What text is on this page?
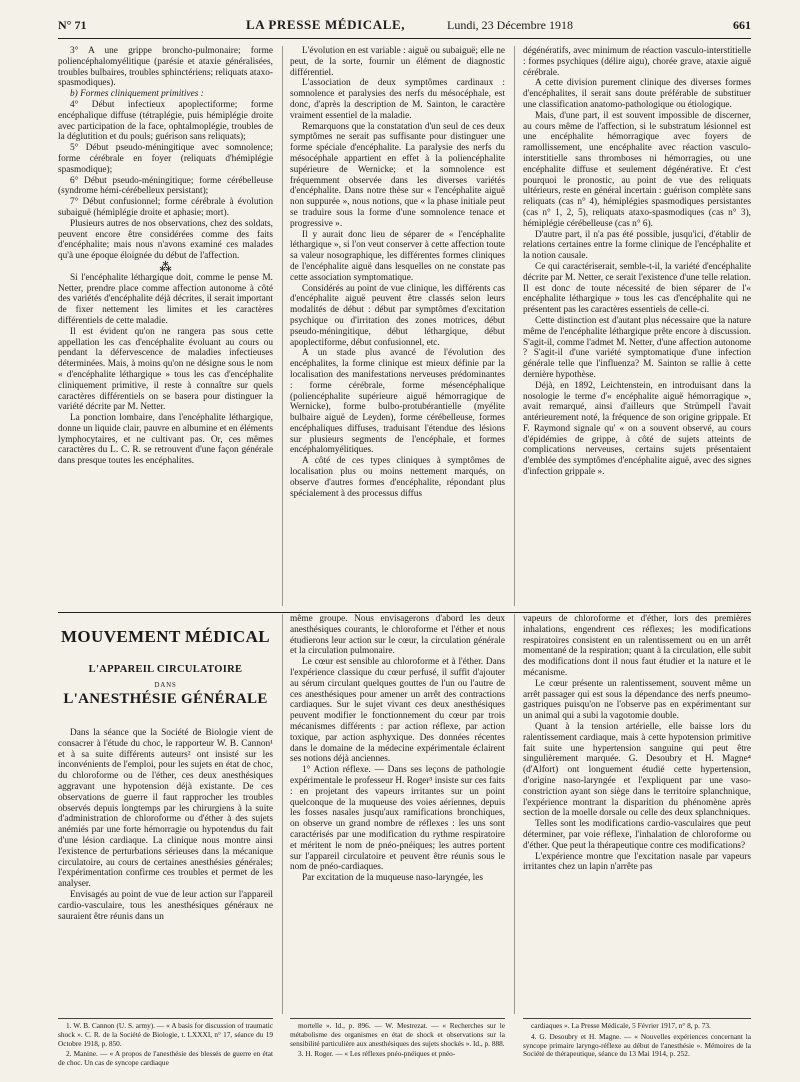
N° 71	LA PRESSE MÉDICALE,	Lundi, 23 Décembre 1918	661

3° A une grippe broncho-pulmonaire; forme poliencéphalomyélitique (parésie et ataxie généralisées, troubles bulbaires, troubles sphinctériens; reliquats ataxo-spasmodiques).

b) Formes cliniquement primitives :

4° Début infectieux apoplectiforme; forme encéphalique diffuse (tétraplégie, puis hémiplégie droite avec participation de la face, ophtalmoplégie, troubles de la déglutition et du pouls; guérison sans reliquats);

5° Début pseudo-méningitique avec somnolence; forme cérébrale en foyer (reliquats d'hémiplégie spasmodique);

6° Début pseudo-méningitique; forme cérébelleuse (syndrome hémi-cérébelleux persistant);

7° Début confusionnel; forme cérébrale à évolution subaiguë (hémiplégie droite et aphasie; mort).

Plusieurs autres de nos observations, chez des soldats, peuvent encore être considérées comme des faits d'encéphalite; mais nous n'avons examiné ces malades qu'à une époque éloignée du début de l'affection.

⁂

Si l'encéphalite léthargique doit, comme le pense M. Netter, prendre place comme affection autonome à côté des variétés d'encéphalite déjà décrites, il serait important de fixer nettement les limites et les caractères différentiels de cette maladie.

Il est évident qu'on ne rangera pas sous cette appellation les cas d'encéphalite évoluant au cours ou pendant la défervescence de maladies infectieuses déterminées. Mais, à moins qu'on ne désigne sous le nom « d'encéphalite léthargique » tous les cas d'encéphalite cliniquement primitive, il reste à connaître sur quels caractères différentiels on se basera pour distinguer la variété décrite par M. Netter.

La ponction lombaire, dans l'encéphalite léthargique, donne un liquide clair, pauvre en albumine et en éléments lymphocytaires, et ne cultivant pas. Or, ces mêmes caractères du L. C. R. se retrouvent d'une façon générale dans presque toutes les encéphalites.

L'évolution en est variable : aiguë ou subaiguë; elle ne peut, de la sorte, fournir un élément de diagnostic différentiel.

L'association de deux symptômes cardinaux : somnolence et paralysies des nerfs du mésocéphale, est donc, d'après la description de M. Sainton, le caractère vraiment essentiel de la maladie.

Remarquons que la constatation d'un seul de ces deux symptômes ne serait pas suffisante pour distinguer une forme spéciale d'encéphalite. La paralysie des nerfs du mésocéphale appartient en effet à la poliencéphalite supérieure de Wernicke; et la somnolence est fréquemment observée dans les diverses variétés d'encéphalite. Dans notre thèse sur « l'encéphalite aiguë non suppurée », nous notions, que « la phase initiale peut se traduire sous la forme d'une somnolence tenace et progressive ».

Il y aurait donc lieu de séparer de « l'encéphalite léthargique », si l'on veut conserver à cette affection toute sa valeur nosographique, les différentes formes cliniques de l'encéphalite aiguë dans lesquelles on ne constate pas cette association symptomatique.

Considérés au point de vue clinique, les différents cas d'encéphalite aiguë peuvent être classés selon leurs modalités de début : début par symptômes d'excitation psychique ou d'irritation des zones motrices, début pseudo-méningitique, début léthargique, début apoplectiforme, début confusionnel, etc.

A un stade plus avancé de l'évolution des encéphalites, la forme clinique est mieux définie par la localisation des manifestations nerveuses prédominantes : forme cérébrale, forme mésencéphalique (poliencéphalite supérieure aiguë hémorragique de Wernicke), forme bulbo-protubérantielle (myélite bulbaire aiguë de Leyden), forme cérébelleuse, formes encéphaliques diffuses, traduisant l'étendue des lésions sur plusieurs segments de l'encéphale, et formes encéphalomyélitiques.

A côté de ces types cliniques à symptômes de localisation plus ou moins nettement marqués, on observe d'autres formes d'encéphalite, répondant plus spécialement à des processus diffus

dégénératifs, avec minimum de réaction vasculo-interstitielle : formes psychiques (délire aigu), chorée grave, ataxie aiguë cérébrale.

A cette division purement clinique des diverses formes d'encéphalites, il serait sans doute préférable de substituer une classification anatomo-pathologique ou étiologique.

Mais, d'une part, il est souvent impossible de discerner, au cours même de l'affection, si le substratum lésionnel est une encéphalite hémorragique avec foyers de ramollissement, une encéphalite avec réaction vasculo-interstitielle sans thromboses ni hémorragies, ou une encéphalite diffuse et seulement dégénérative. Et c'est pourquoi le pronostic, au point de vue des reliquats ultérieurs, reste en général incertain : guérison complète sans reliquats (cas n° 4), hémiplégies spasmodiques persistantes (cas n° 1, 2, 5), reliquats ataxo-spasmodiques (cas n° 3), hémiplégie cérébelleuse (cas n° 6).

D'autre part, il n'a pas été possible, jusqu'ici, d'établir de relations certaines entre la forme clinique de l'encéphalite et la notion causale.

Ce qui caractériserait, semble-t-il, la variété d'encéphalite décrite par M. Netter, ce serait l'existence d'une telle relation. Il est donc de toute nécessité de bien séparer de l'« encéphalite léthargique » tous les cas d'encéphalite qui ne présentent pas les caractères essentiels de celle-ci.

Cette distinction est d'autant plus nécessaire que la nature même de l'encéphalite léthargique prête encore à discussion. S'agit-il, comme l'admet M. Netter, d'une affection autonome ? S'agit-il d'une variété symptomatique d'une infection générale telle que l'influenza? M. Sainton se rallie à cette dernière hypothèse.

Déjà, en 1892, Leichtenstein, en introduisant dans la nosologie le terme d'« encéphalite aiguë hémorragique », avait remarqué, ainsi d'ailleurs que Strümpell l'avait antérieurement noté, la fréquence de son origine grippale. Et F. Raymond signale qu' « on a souvent observé, au cours d'épidémies de grippe, à côté de sujets atteints de complications nerveuses, certains sujets présentaient d'emblée des symptômes d'encéphalite aiguë, avec des signes d'infection grippale ».

MOUVEMENT MÉDICAL
L'APPAREIL CIRCULATOIRE
DANS
L'ANESTHÉSIE GÉNÉRALE

Dans la séance que la Société de Biologie vient de consacrer à l'étude du choc, le rapporteur W. B. Cannon¹ et à sa suite différents auteurs² ont insisté sur les inconvénients de l'emploi, pour les sujets en état de choc, du chloroforme ou de l'éther, ces deux anesthésiques aggravant une hypotension déjà existante. De ces observations de guerre il faut rapprocher les troubles observés depuis longtemps par les chirurgiens à la suite d'administration de chloroforme ou d'éther à des sujets anémiés par une forte hémorragie ou hypotendus du fait d'une lésion cardiaque. La clinique nous montre ainsi l'existence de perturbations sérieuses dans la mécanique circulatoire, au cours de certaines anesthésies générales; l'expérimentation confirme ces troubles et permet de les analyser.

Envisagés au point de vue de leur action sur l'appareil cardio-vasculaire, tous les anesthésiques généraux ne sauraient être réunis dans un

même groupe. Nous envisagerons d'abord les deux anesthésiques courants, le chloroforme et l'éther et nous étudierons leur action sur le cœur, la circulation générale et la circulation pulmonaire.

Le cœur est sensible au chloroforme et à l'éther. Dans l'expérience classique du cœur perfusé, il suffit d'ajouter au sérum circulant quelques gouttes de l'un ou l'autre de ces anesthésiques pour amener un arrêt des contractions cardiaques. Sur le sujet vivant ces deux anesthésiques peuvent modifier le fonctionnement du cœur par trois mécanismes différents : par action réflexe, par action toxique, par action asphyxique. Des données récentes dans le domaine de la médecine expérimentale éclairent ses notions déjà anciennes.

1° Action réflexe. — Dans ses leçons de pathologie expérimentale le professeur H. Roger³ insiste sur ces faits : en projetant des vapeurs irritantes sur un point quelconque de la muqueuse des voies aériennes, depuis les fosses nasales jusqu'aux ramifications bronchiques, on observe un grand nombre de réflexes : les uns sont caractérisés par une modification du rythme respiratoire et méritent le nom de pnéo-pnéiques; les autres portent sur l'appareil circulatoire et peuvent être réunis sous le nom de pnéo-cardiaques.

Par excitation de la muqueuse naso-laryngée, les

vapeurs de chloroforme et d'éther, lors des premières inhalations, engendrent ces réflexes; les modifications respiratoires consistent en un ralentissement ou en un arrêt momentané de la respiration; quant à la circulation, elle subit des modifications dont il nous faut étudier et la nature et le mécanisme.

Le cœur présente un ralentissement, souvent même un arrêt passager qui est sous la dépendance des nerfs pneumo-gastriques puisqu'on ne l'observe pas en expérimentant sur un animal qui a subi la vagotomie double.

Quant à la tension artérielle, elle baisse lors du ralentissement cardiaque, mais à cette hypotension primitive fait suite une hypertension sanguine qui peut être singulièrement marquée. G. Desoubry et H. Magne⁴ (d'Alfort) ont longuement étudié cette hypertension, d'origine naso-laryngée et l'expliquent par une vaso-constriction ayant son siège dans le territoire splanchnique, l'expérience montrant la disparition du phénomène après section de la moelle dorsale ou celle des deux splanchniques.

Telles sont les modifications cardio-vasculaires que peut déterminer, par voie réflexe, l'inhalation de chloroforme ou d'éther. Que peut la thérapeutique contre ces modifications?

L'expérience montre que l'excitation nasale par vapeurs irritantes chez un lapin n'arrête pas

1. W. B. Cannon (U. S. army). — « A basis for discussion of traumatic shock ». C. R. de la Société de Biologie, t. LXXXI, n° 17, séance du 19 Octobre 1918, p. 850.

2. Manine. — « A propos de l'anesthésie des blessés de guerre en état de choc. Un cas de syncope cardiaque

mortelle ». Id., p. 896. — W. Mestrezat. — « Recherches sur le métabolisme des organismes en état de shock et observations sur la sensibilité particulière aux anesthésiques des sujets shockés ». Id., p. 888.

3. H. Roger. — « Les réflexes pnéo-pnéiques et pnéo-

cardiaques ». La Presse Médicale, 5 Février 1917, n° 8, p. 73.

4. G. Desoubry et H. Magne. — « Nouvelles expériences concernant la syncope primaire laryngo-réflexe au début de l'anesthésie ». Mémoires de la Société de thérapeutique, séance du 13 Mai 1914, p. 252.
